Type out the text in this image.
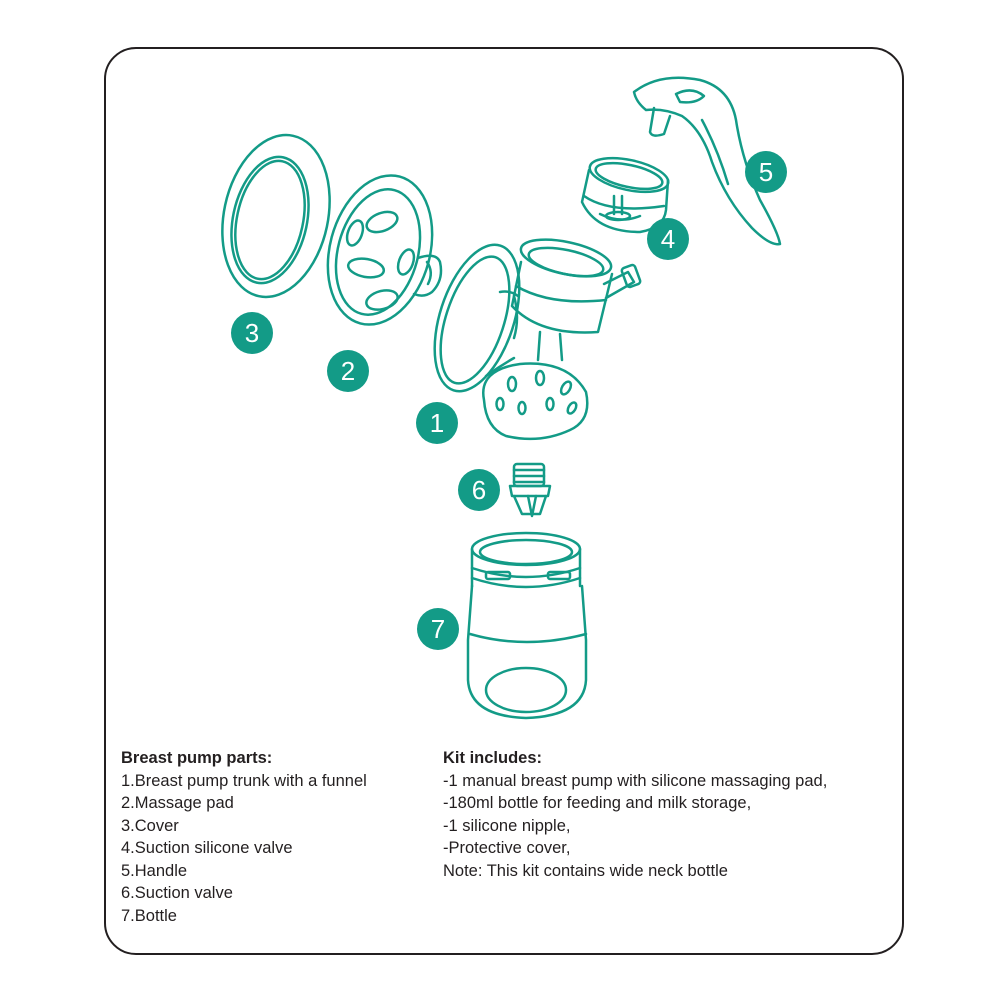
1
2
3
4
5
6
7
Breast pump parts:
1.Breast pump trunk with a funnel
2.Massage pad
3.Cover
4.Suction silicone valve
5.Handle
6.Suction valve
7.Bottle
Kit includes:
-1 manual breast pump with silicone massaging pad,
-180ml bottle for feeding and milk storage,
-1 silicone nipple,
-Protective cover,
Note: This kit contains wide neck bottle
